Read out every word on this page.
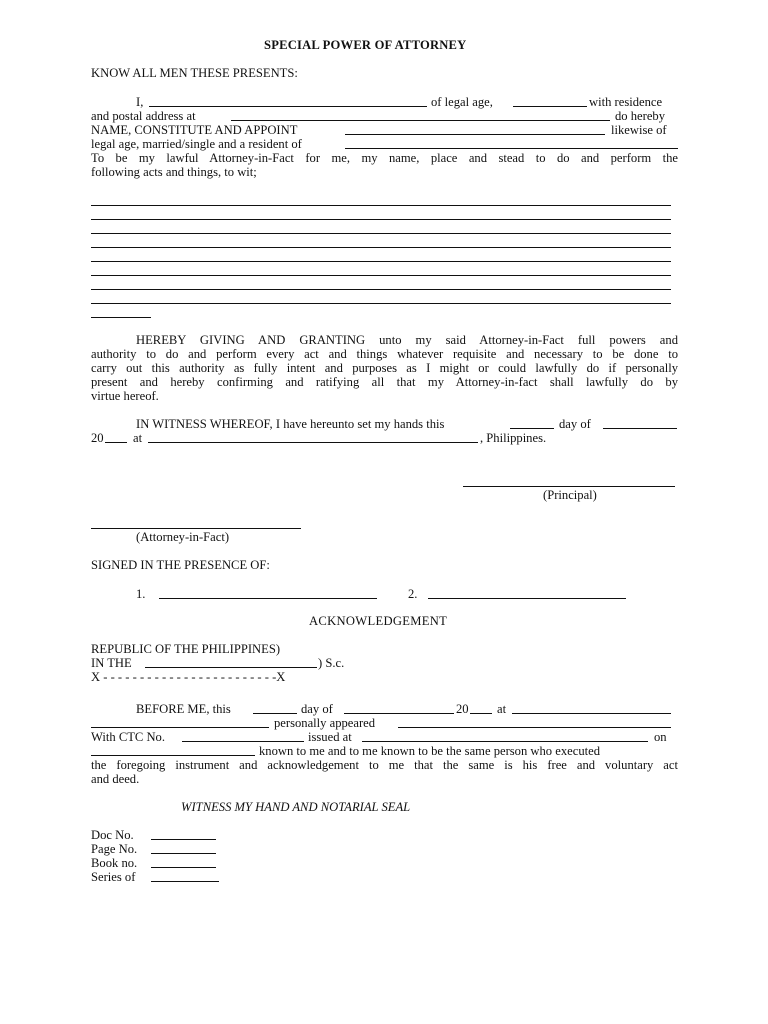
SPECIAL POWER OF ATTORNEY
KNOW ALL MEN THESE PRESENTS:
I,	of legal age,	with residence
and postal address at	do hereby
NAME, CONSTITUTE AND APPOINT	likewise of
legal age, married/single and a resident of
To be my lawful Attorney-in-Fact for me, my name, place and stead to do and perform the
following acts and things, to wit;
HEREBY GIVING AND GRANTING unto my said Attorney-in-Fact full powers and
authority to do and perform every act and things whatever requisite and necessary to be done to
carry out this authority as fully intent and purposes as I might or could lawfully do if personally
present and hereby confirming and ratifying all that my Attorney-in-fact shall lawfully do by
virtue hereof.
IN WITNESS WHEREOF, I have hereunto set my hands this	day of
20 at	, Philippines.
(Principal)
(Attorney-in-Fact)
SIGNED IN THE PRESENCE OF:
1.	2.
ACKNOWLEDGEMENT
REPUBLIC OF THE PHILIPPINES)
IN THE	) S.c.
X - - - - - - - - - - - - - - - - - - - - - - - -X
BEFORE ME, this	day of	20 at
personally appeared
With CTC No.	issued at	on
known to me and to me known to be the same person who executed
the foregoing instrument and acknowledgement to me that the same is his free and voluntary act
and deed.
WITNESS MY HAND AND NOTARIAL SEAL
Doc No.
Page No.
Book no.
Series of
